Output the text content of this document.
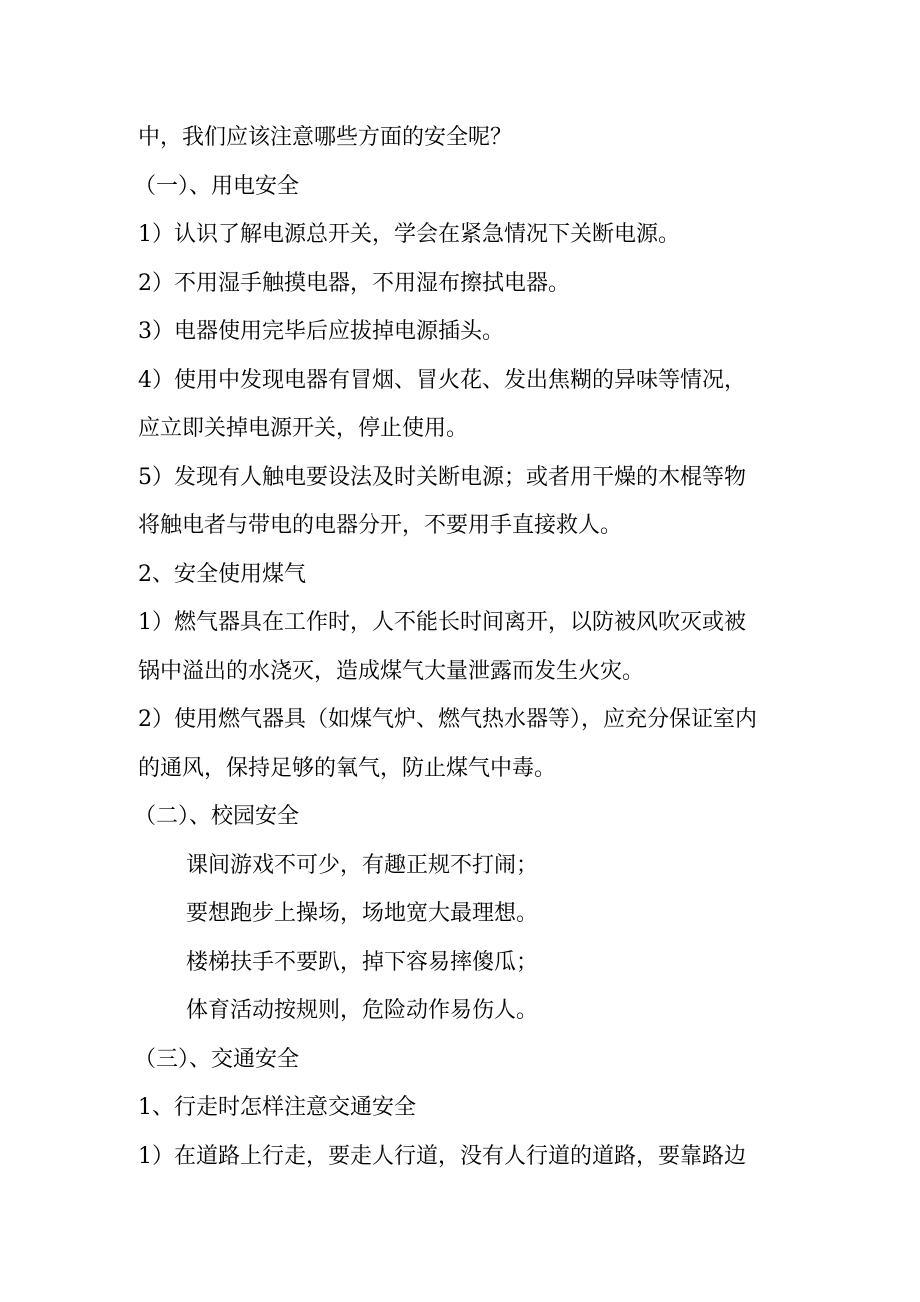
中，我们应该注意哪些方面的安全呢？
（一）、用电安全
1）认识了解电源总开关，学会在紧急情况下关断电源。
2）不用湿手触摸电器，不用湿布擦拭电器。
3）电器使用完毕后应拔掉电源插头。
4）使用中发现电器有冒烟、冒火花、发出焦糊的异味等情况，
应立即关掉电源开关，停止使用。
5）发现有人触电要设法及时关断电源；或者用干燥的木棍等物
将触电者与带电的电器分开，不要用手直接救人。
2、安全使用煤气
1）燃气器具在工作时，人不能长时间离开，以防被风吹灭或被
锅中溢出的水浇灭，造成煤气大量泄露而发生火灾。
2）使用燃气器具（如煤气炉、燃气热水器等），应充分保证室内
的通风，保持足够的氧气，防止煤气中毒。
（二）、校园安全
课间游戏不可少，有趣正规不打闹；
要想跑步上操场，场地宽大最理想。
楼梯扶手不要趴，掉下容易摔傻瓜；
体育活动按规则，危险动作易伤人。
（三）、交通安全
1、行走时怎样注意交通安全
1）在道路上行走，要走人行道，没有人行道的道路，要靠路边
